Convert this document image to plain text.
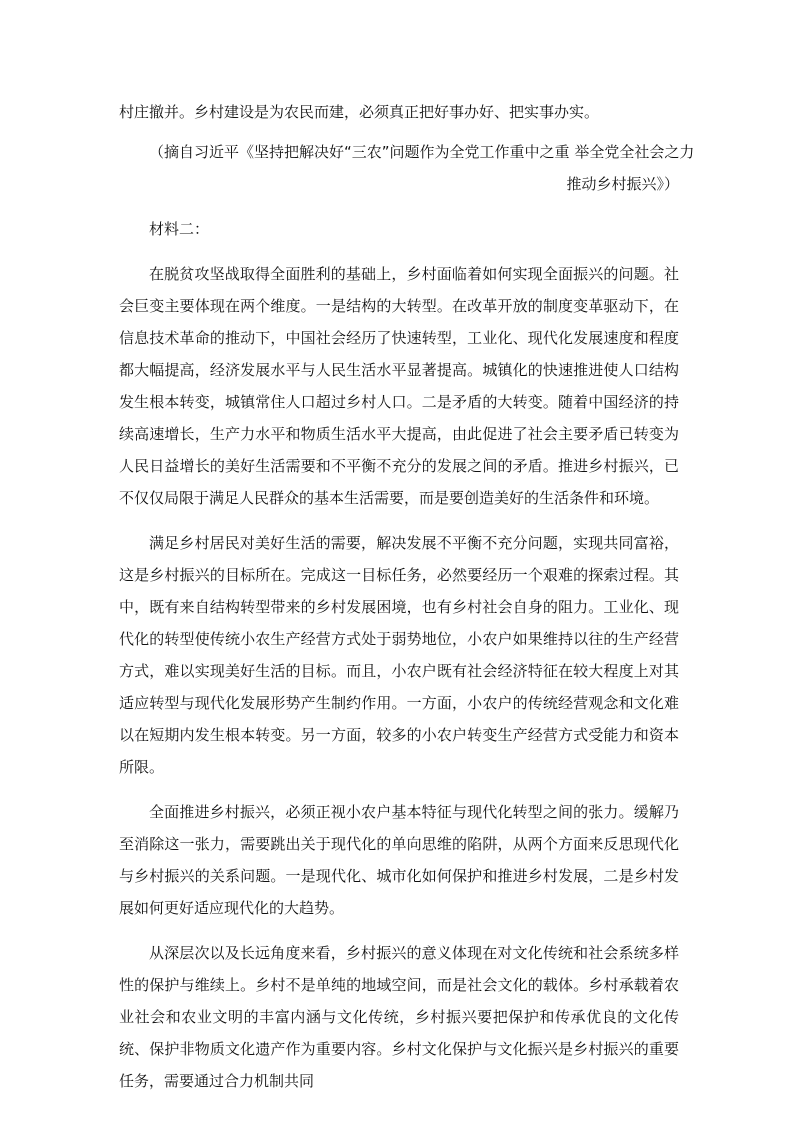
村庄撤并。乡村建设是为农民而建，必须真正把好事办好、把实事办实。

（摘自习近平《坚持把解决好“三农”问题作为全党工作重中之重 举全党全社会之力

推动乡村振兴》）

材料二：

在脱贫攻坚战取得全面胜利的基础上，乡村面临着如何实现全面振兴的问题。社会巨变主要体现在两个维度。一是结构的大转型。在改革开放的制度变革驱动下，在信息技术革命的推动下，中国社会经历了快速转型，工业化、现代化发展速度和程度都大幅提高，经济发展水平与人民生活水平显著提高。城镇化的快速推进使人口结构发生根本转变，城镇常住人口超过乡村人口。二是矛盾的大转变。随着中国经济的持续高速增长，生产力水平和物质生活水平大提高，由此促进了社会主要矛盾已转变为人民日益增长的美好生活需要和不平衡不充分的发展之间的矛盾。推进乡村振兴，已不仅仅局限于满足人民群众的基本生活需要，而是要创造美好的生活条件和环境。

满足乡村居民对美好生活的需要，解决发展不平衡不充分问题，实现共同富裕，这是乡村振兴的目标所在。完成这一目标任务，必然要经历一个艰难的探索过程。其中，既有来自结构转型带来的乡村发展困境，也有乡村社会自身的阻力。工业化、现代化的转型使传统小农生产经营方式处于弱势地位，小农户如果维持以往的生产经营方式，难以实现美好生活的目标。而且，小农户既有社会经济特征在较大程度上对其适应转型与现代化发展形势产生制约作用。一方面，小农户的传统经营观念和文化难以在短期内发生根本转变。另一方面，较多的小农户转变生产经营方式受能力和资本所限。

全面推进乡村振兴，必须正视小农户基本特征与现代化转型之间的张力。缓解乃至消除这一张力，需要跳出关于现代化的单向思维的陷阱，从两个方面来反思现代化与乡村振兴的关系问题。一是现代化、城市化如何保护和推进乡村发展，二是乡村发展如何更好适应现代化的大趋势。

从深层次以及长远角度来看，乡村振兴的意义体现在对文化传统和社会系统多样性的保护与维续上。乡村不是单纯的地域空间，而是社会文化的载体。乡村承载着农业社会和农业文明的丰富内涵与文化传统，乡村振兴要把保护和传承优良的文化传统、保护非物质文化遗产作为重要内容。乡村文化保护与文化振兴是乡村振兴的重要任务，需要通过合力机制共同
